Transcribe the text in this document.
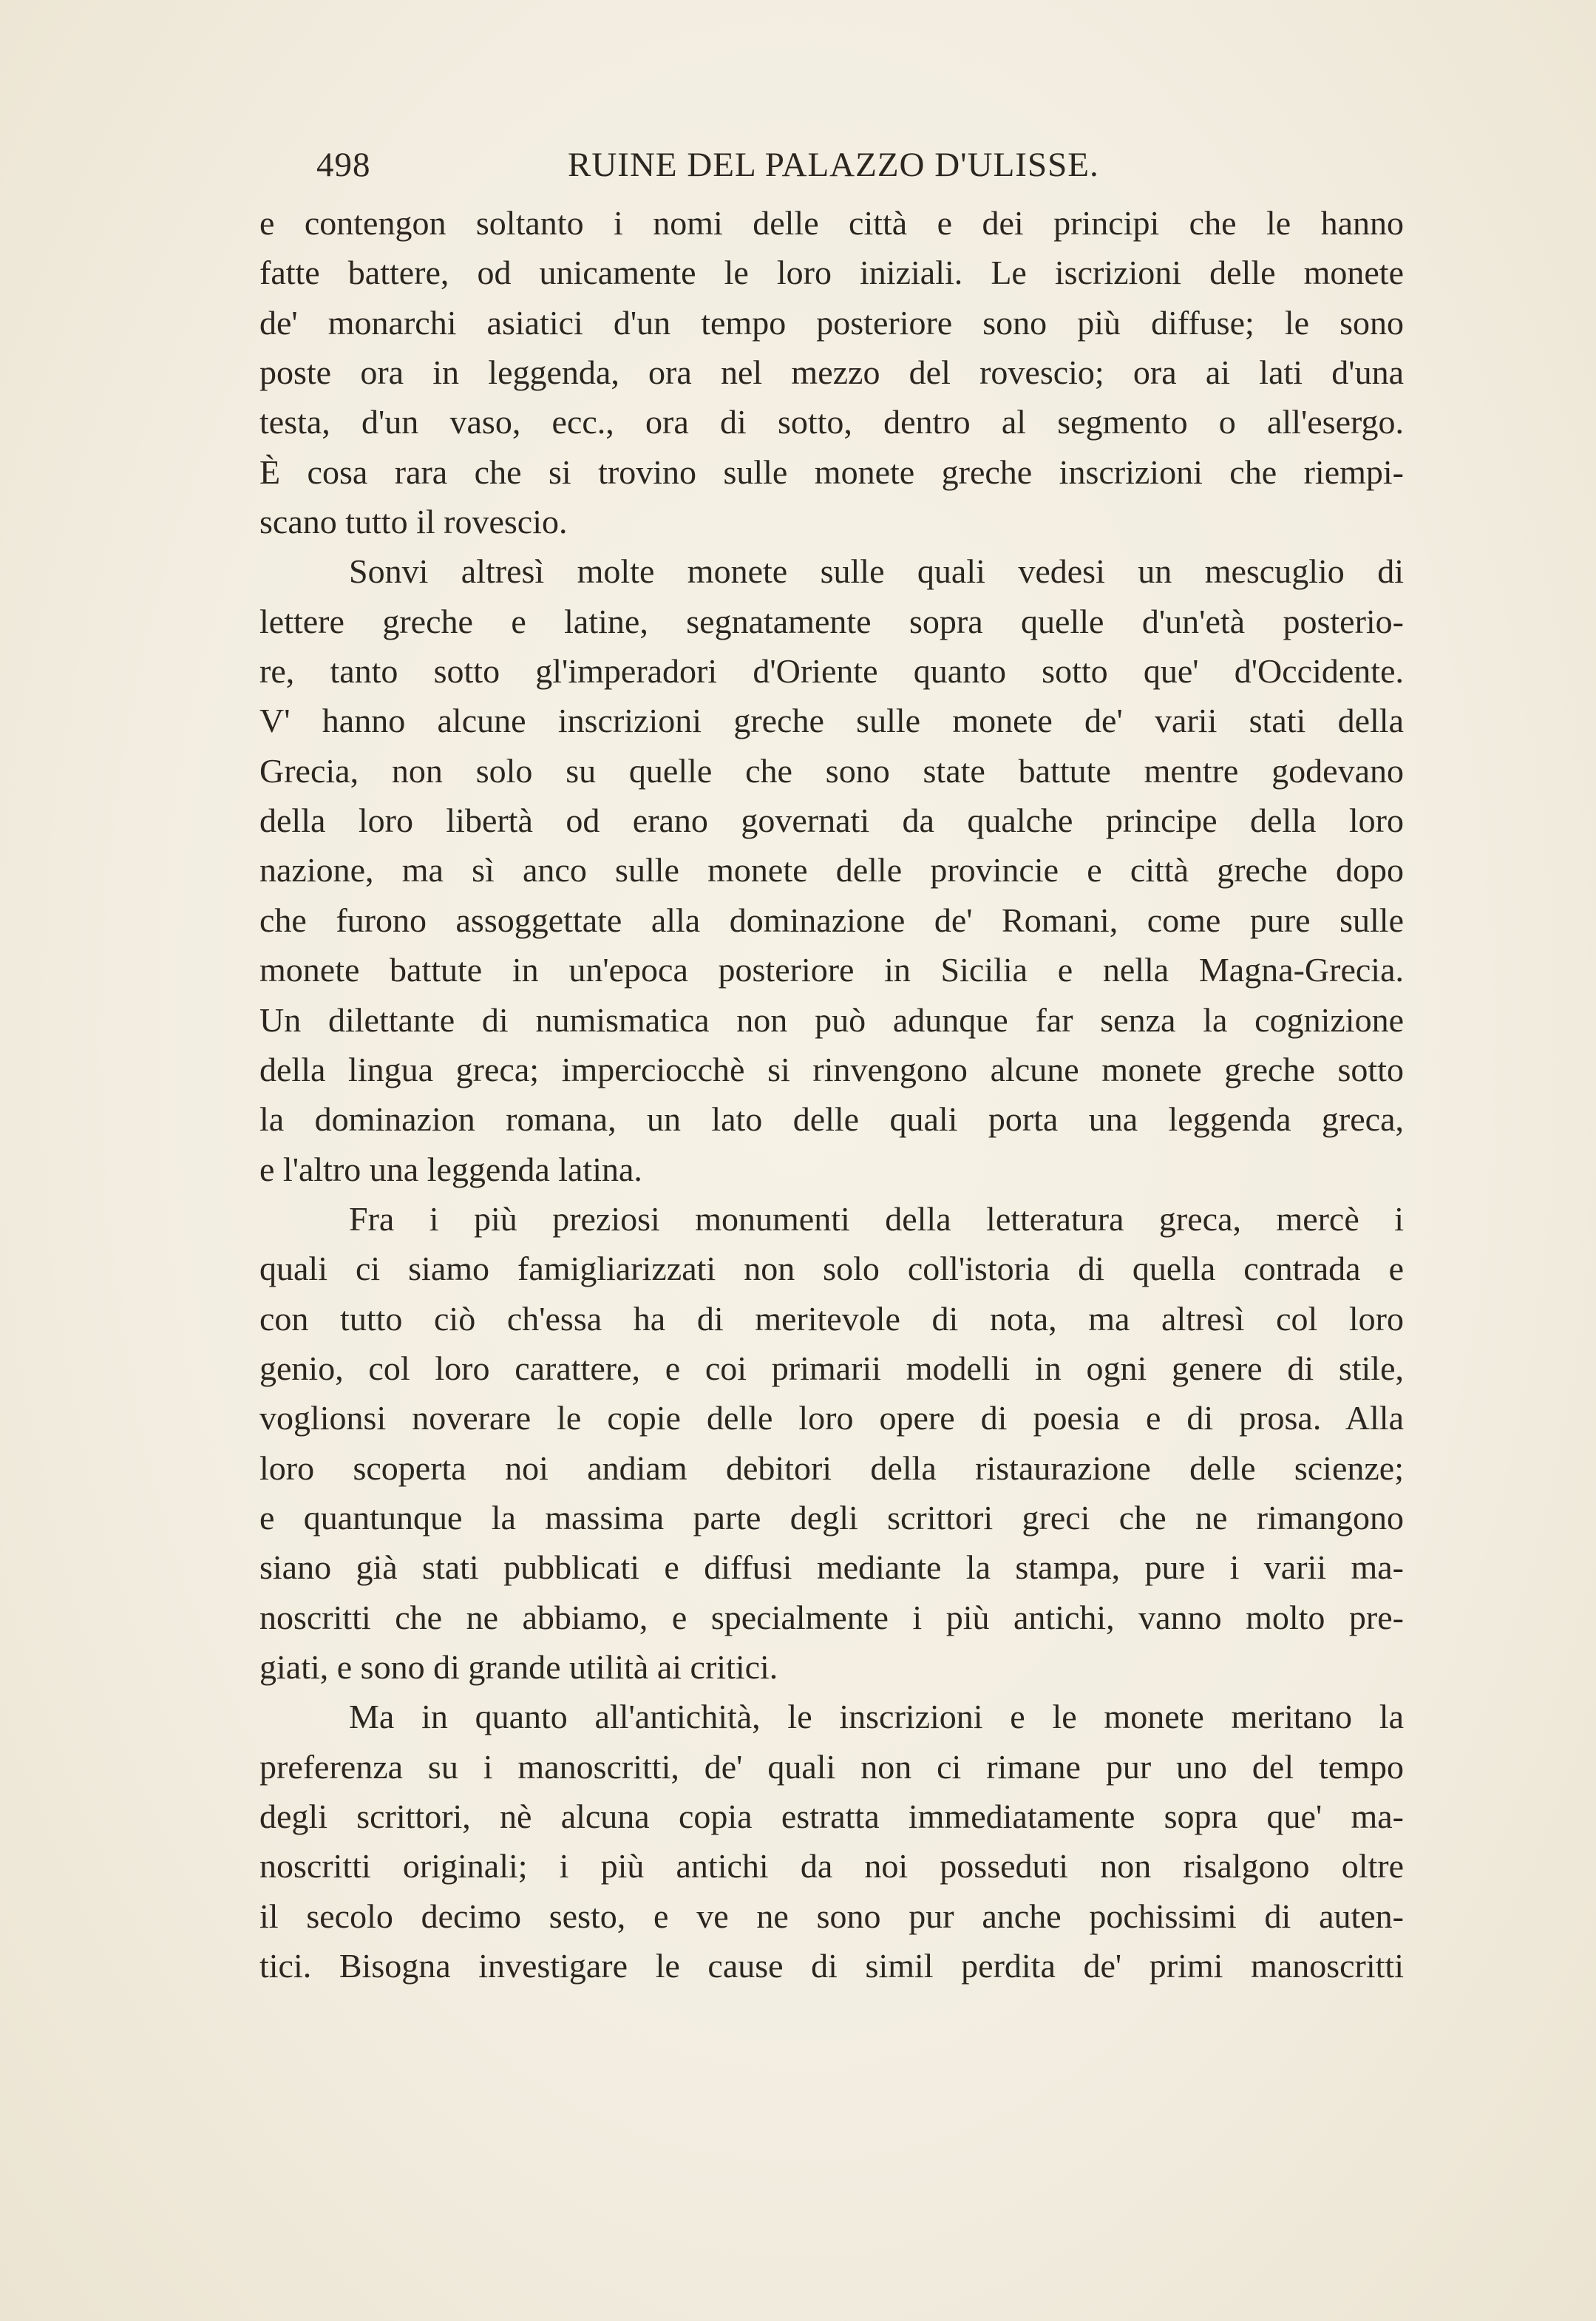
498	RUINE DEL PALAZZO D'ULISSE.
e contengon soltanto i nomi delle città e dei principi che le hanno
fatte battere, od unicamente le loro iniziali. Le iscrizioni delle monete
de' monarchi asiatici d'un tempo posteriore sono più diffuse; le sono
poste ora in leggenda, ora nel mezzo del rovescio; ora ai lati d'una
testa, d'un vaso, ecc., ora di sotto, dentro al segmento o all'esergo.
È cosa rara che si trovino sulle monete greche inscrizioni che riempi-
scano tutto il rovescio.
Sonvi altresì molte monete sulle quali vedesi un mescuglio di
lettere greche e latine, segnatamente sopra quelle d'un'età posterio-
re, tanto sotto gl'imperadori d'Oriente quanto sotto que' d'Occidente.
V' hanno alcune inscrizioni greche sulle monete de' varii stati della
Grecia, non solo su quelle che sono state battute mentre godevano
della loro libertà od erano governati da qualche principe della loro
nazione, ma sì anco sulle monete delle provincie e città greche dopo
che furono assoggettate alla dominazione de' Romani, come pure sulle
monete battute in un'epoca posteriore in Sicilia e nella Magna-Grecia.
Un dilettante di numismatica non può adunque far senza la cognizione
della lingua greca; imperciocchè si rinvengono alcune monete greche sotto
la dominazion romana, un lato delle quali porta una leggenda greca,
e l'altro una leggenda latina.
Fra i più preziosi monumenti della letteratura greca, mercè i
quali ci siamo famigliarizzati non solo coll'istoria di quella contrada e
con tutto ciò ch'essa ha di meritevole di nota, ma altresì col loro
genio, col loro carattere, e coi primarii modelli in ogni genere di stile,
voglionsi noverare le copie delle loro opere di poesia e di prosa. Alla
loro scoperta noi andiam debitori della ristaurazione delle scienze;
e quantunque la massima parte degli scrittori greci che ne rimangono
siano già stati pubblicati e diffusi mediante la stampa, pure i varii ma-
noscritti che ne abbiamo, e specialmente i più antichi, vanno molto pre-
giati, e sono di grande utilità ai critici.
Ma in quanto all'antichità, le inscrizioni e le monete meritano la
preferenza su i manoscritti, de' quali non ci rimane pur uno del tempo
degli scrittori, nè alcuna copia estratta immediatamente sopra que' ma-
noscritti originali; i più antichi da noi posseduti non risalgono oltre
il secolo decimo sesto, e ve ne sono pur anche pochissimi di auten-
tici. Bisogna investigare le cause di simil perdita de' primi manoscritti
